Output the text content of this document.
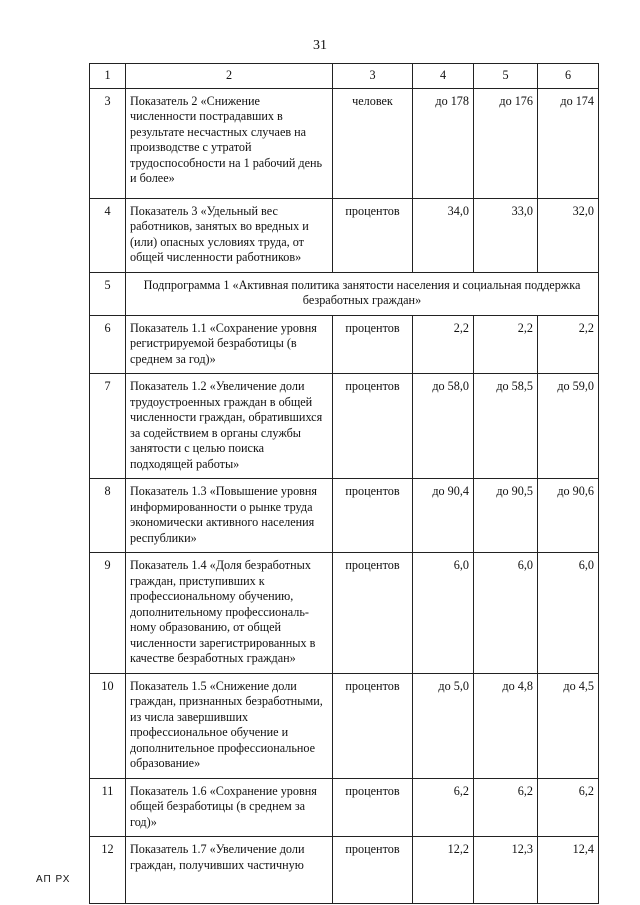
31
1	2	3	4	5	6
3	Показатель 2 «Снижение численности пострадавших в результате несчастных случаев на производстве с утратой трудоспособности на 1 рабочий день и более»	человек	до 178	до 176	до 174
4	Показатель 3 «Удельный вес работников, занятых во вредных и (или) опасных условиях труда, от общей численности работников»	процентов	34,0	33,0	32,0
5	Подпрограмма 1 «Активная политика занятости населения и социальная поддержка безработных граждан»				
6	Показатель 1.1 «Сохранение уровня регистрируемой безработицы (в среднем за год)»	процентов	2,2	2,2	2,2
7	Показатель 1.2 «Увеличение доли трудоустроенных граждан в общей численности граждан, обратившихся за содействием в органы службы занятости с целью поиска подходящей работы»	процентов	до 58,0	до 58,5	до 59,0
8	Показатель 1.3 «Повышение уровня информированности о рынке труда экономически активного населения республики»	процентов	до 90,4	до 90,5	до 90,6
9	Показатель 1.4 «Доля безработных граждан, приступивших к профессиональному обучению, дополнительному профессиональ-ному образованию, от общей численности зарегистрированных в качестве безработных граждан»	процентов	6,0	6,0	6,0
10	Показатель 1.5 «Снижение доли граждан, признанных безработными, из числа завершивших профессиональное обучение и дополнительное профессиональное образование»	процентов	до 5,0	до 4,8	до 4,5
11	Показатель 1.6 «Сохранение уровня общей безработицы (в среднем за год)»	процентов	6,2	6,2	6,2
12	Показатель 1.7 «Увеличение доли граждан, получивших частичную	процентов	12,2	12,3	12,4
АП РХ
